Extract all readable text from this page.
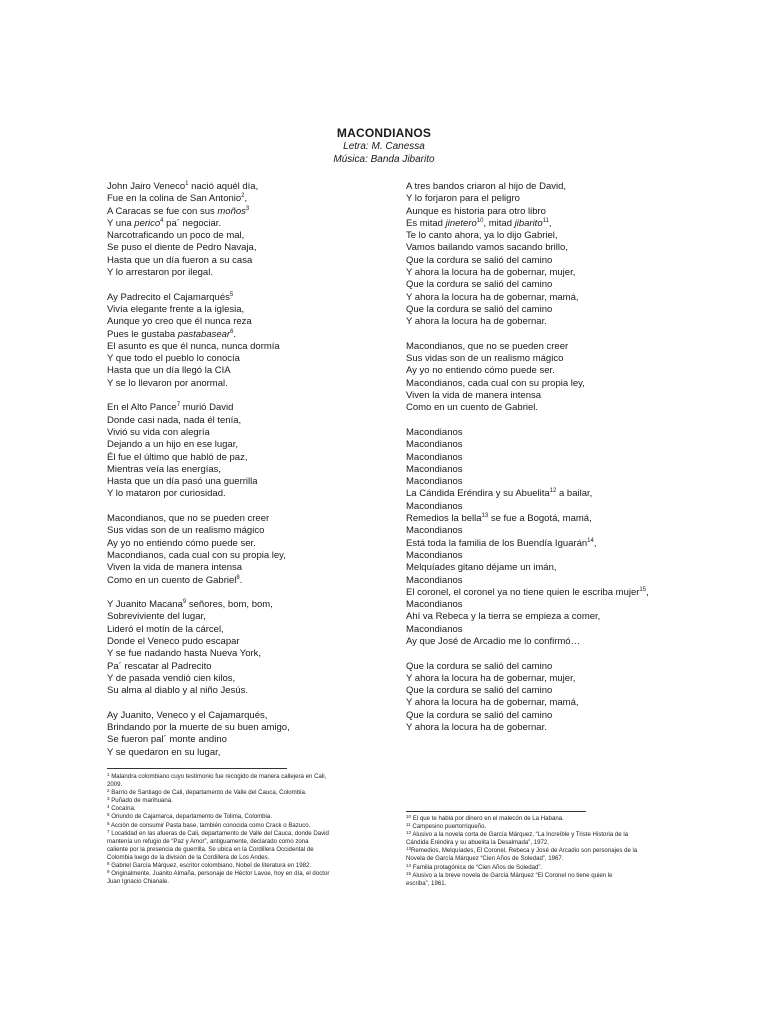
MACONDIANOS
Letra: M. Canessa
Música: Banda Jibarito
John Jairo Veneco$^1$ nació aquél día,
Fue en la colina de San Antonio$^2$,
A Caracas se fue con sus moños$^3$
Y una perico$^4$ pa´ negociar.
Narcotraficando un poco de mal,
Se puso el diente de Pedro Navaja,
Hasta que un día fueron a su casa
Y lo arrestaron por ilegal.
Ay Padrecito el Cajamarqués$^5$
Vivía elegante frente a la iglesia,
Aunque yo creo que él nunca reza
Pues le gustaba pastabasear$^6$.
El asunto es que él nunca, nunca dormía
Y que todo el pueblo lo conocía
Hasta que un día llegó la CIA
Y se lo llevaron por anormal.
En el Alto Pance$^7$ murió David
Donde casi nada, nada él tenía,
Vivió su vida con alegría
Dejando a un hijo en ese lugar,
Él fue el último que habló de paz,
Mientras veía las energías,
Hasta que un día pasó una guerrilla
Y lo mataron por curiosidad.
Macondianos, que no se pueden creer
Sus vidas son de un realismo mágico
Ay yo no entiendo cómo puede ser.
Macondianos, cada cual con su propia ley,
Viven la vida de manera intensa
Como en un cuento de Gabriel$^8$.
Y Juanito Macana$^9$ señores, bom, bom,
Sobreviviente del lugar,
Lideró el motín de la cárcel,
Donde el Veneco pudo escapar
Y se fue nadando hasta Nueva York,
Pa´ rescatar al Padrecito
Y de pasada vendió cien kilos,
Su alma al diablo y al niño Jesús.
Ay Juanito, Veneco y el Cajamarqués,
Brindando por la muerte de su buen amigo,
Se fueron pal´ monte andino
Y se quedaron en su lugar,
A tres bandos criaron al hijo de David,
Y lo forjaron para el peligro
Aunque es historia para otro libro
Es mitad jinetero$^{10}$, mitad jibarito$^{11}$,
Te lo canto ahora, ya lo dijo Gabriel,
Vamos bailando vamos sacando brillo,
Que la cordura se salió del camino
Y ahora la locura ha de gobernar, mujer,
Que la cordura se salió del camino
Y ahora la locura ha de gobernar, mamá,
Que la cordura se salió del camino
Y ahora la locura ha de gobernar.
Macondianos, que no se pueden creer
Sus vidas son de un realismo mágico
Ay yo no entiendo cómo puede ser.
Macondianos, cada cual con su propia ley,
Viven la vida de manera intensa
Como en un cuento de Gabriel.
Macondianos
Macondianos
Macondianos
Macondianos
Macondianos
La Cándida Eréndira y su Abuelita$^{12}$ a bailar,
Macondianos
Remedios la bella$^{13}$ se fue a Bogotá, mamá,
Macondianos
Está toda la familia de los Buendía Iguarán$^{14}$,
Macondianos
Melquíades gitano déjame un imán,
Macondianos
El coronel, el coronel ya no tiene quien le escriba mujer$^{15}$,
Macondianos
Ahí va Rebeca y la tierra se empieza a comer,
Macondianos
Ay que José de Arcadio me lo confirmó…
Que la cordura se salió del camino
Y ahora la locura ha de gobernar, mujer,
Que la cordura se salió del camino
Y ahora la locura ha de gobernar, mamá,
Que la cordura se salió del camino
Y ahora la locura ha de gobernar.
$^1$ Malandra colombiano cuyo testimonio fue recogido de manera callejera en Cali,
2009.
$^2$ Barrio de Santiago de Cali, departamento de Valle del Cauca, Colombia.
$^3$ Puñado de marihuana.
$^4$ Cocaína.
$^5$ Oriundo de Cajamarca, departamento de Tolima, Colombia.
$^6$ Acción de consumir Pasta base, también conocida como Crack o Bazuco.
$^7$ Localidad en las afueras de Cali, departamento de Valle del Cauca, donde David
mantenía un refugio de “Paz y Amor”, antiguamente, declarado como zona
caliente por la presencia de guerrilla. Se ubica en la Cordillera Occidental de
Colombia luego de la división de la Cordillera de Los Andes.
$^8$ Gabriel García Márquez, escritor colombiano, Nobel de literatura en 1982.
$^9$ Originalmente, Juanito Almaña, personaje de Héctor Lavoe, hoy en día, el doctor
Juan Ignacio Chianale.
$^{10}$ El que te habla por dinero en el malecón de La Habana.
$^{11}$ Campesino puertorriqueño.
$^{12}$ Alusivo a la novela corta de García Márquez, “La Increíble y Triste Historia de la
Cándida Eréndira y su abuelita la Desalmada”, 1972.
$^{13}$Remedios, Melquíades, El Coronel, Rebeca y José de Arcadio son personajes de la
Novela de García Márquez “Cien Años de Soledad”, 1967.
$^{14}$ Familia protagónica de “Cien Años de Soledad”.
$^{15}$ Alusivo a la breve novela de García Márquez “El Coronel no tiene quien le
escriba”, 1961.
